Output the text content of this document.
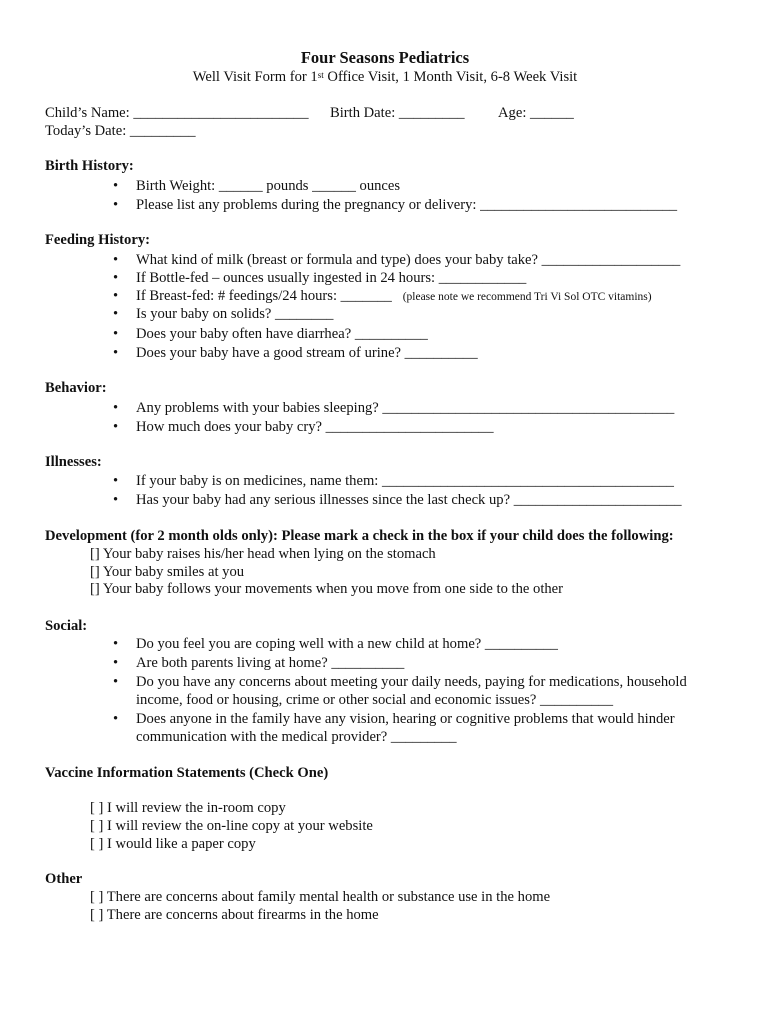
Four Seasons Pediatrics
Well Visit Form for 1st Office Visit, 1 Month Visit, 6-8 Week Visit
Child’s Name: ________________________ Birth Date: _________ Age: ______
Today’s Date: _________
Birth History:
• Birth Weight: ______ pounds ______ ounces
• Please list any problems during the pregnancy or delivery: ___________________________
Feeding History:
• What kind of milk (breast or formula and type) does your baby take? ___________________
• If Bottle-fed – ounces usually ingested in 24 hours: ____________
• If Breast-fed: # feedings/24 hours: _______ (please note we recommend Tri Vi Sol OTC vitamins)
• Is your baby on solids? ________
• Does your baby often have diarrhea? __________
• Does your baby have a good stream of urine? __________
Behavior:
• Any problems with your babies sleeping? ________________________________________
• How much does your baby cry? _______________________
Illnesses:
• If your baby is on medicines, name them: ________________________________________
• Has your baby had any serious illnesses since the last check up? _______________________
Development (for 2 month olds only): Please mark a check in the box if your child does the following:
[] Your baby raises his/her head when lying on the stomach
[] Your baby smiles at you
[] Your baby follows your movements when you move from one side to the other
Social:
• Do you feel you are coping well with a new child at home? __________
• Are both parents living at home? __________
• Do you have any concerns about meeting your daily needs, paying for medications, household
income, food or housing, crime or other social and economic issues? __________
• Does anyone in the family have any vision, hearing or cognitive problems that would hinder
communication with the medical provider? _________
Vaccine Information Statements (Check One)
[ ] I will review the in-room copy
[ ] I will review the on-line copy at your website
[ ] I would like a paper copy
Other
[ ] There are concerns about family mental health or substance use in the home
[ ] There are concerns about firearms in the home
